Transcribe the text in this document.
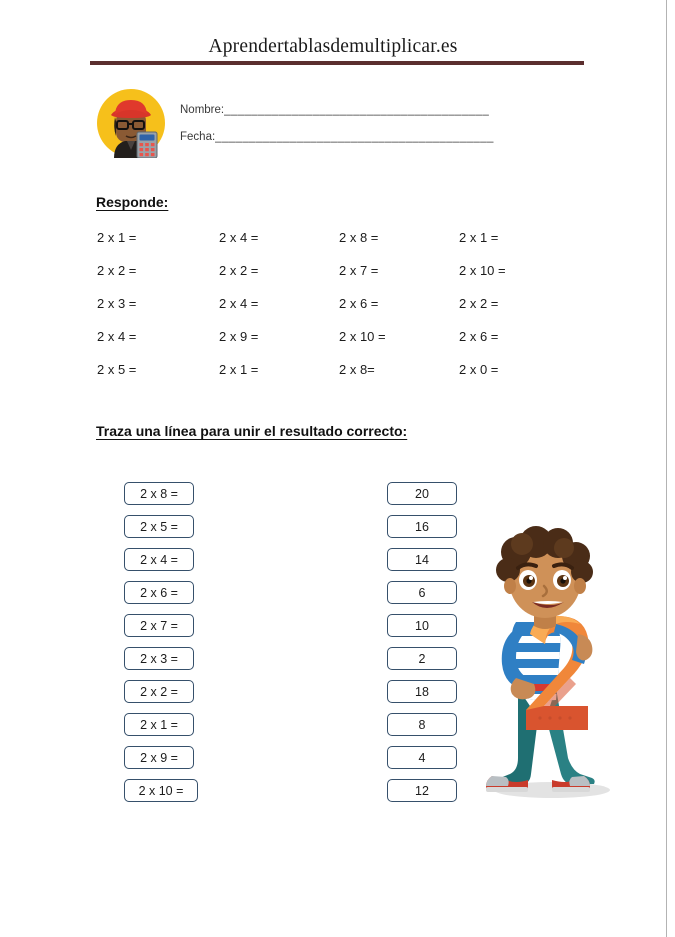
Aprendertablasdemultiplicar.es
Nombre: _______________________________________
Fecha: _________________________________________
Responde:
2 x 1 =	2 x 4 =	2 x 8 =	2 x 1 =
2 x 2 =	2 x 2 =	2 x 7 =	2 x 10 =
2 x 3 =	2 x 4 =	2 x 6 =	2 x 2 =
2 x 4 =	2 x 9 =	2 x 10 =	2 x 6 =
2 x 5 =	2 x 1 =	2 x 8=	2 x 0 =
Traza una línea para unir el resultado correcto:
2 x 8 =
2 x 5 =
2 x 4 =
2 x 6 =
2 x 7 =
2 x 3 =
2 x 2 =
2 x 1 =
2 x 9 =
2 x 10 =
20
16
14
6
10
2
18
8
4
12
